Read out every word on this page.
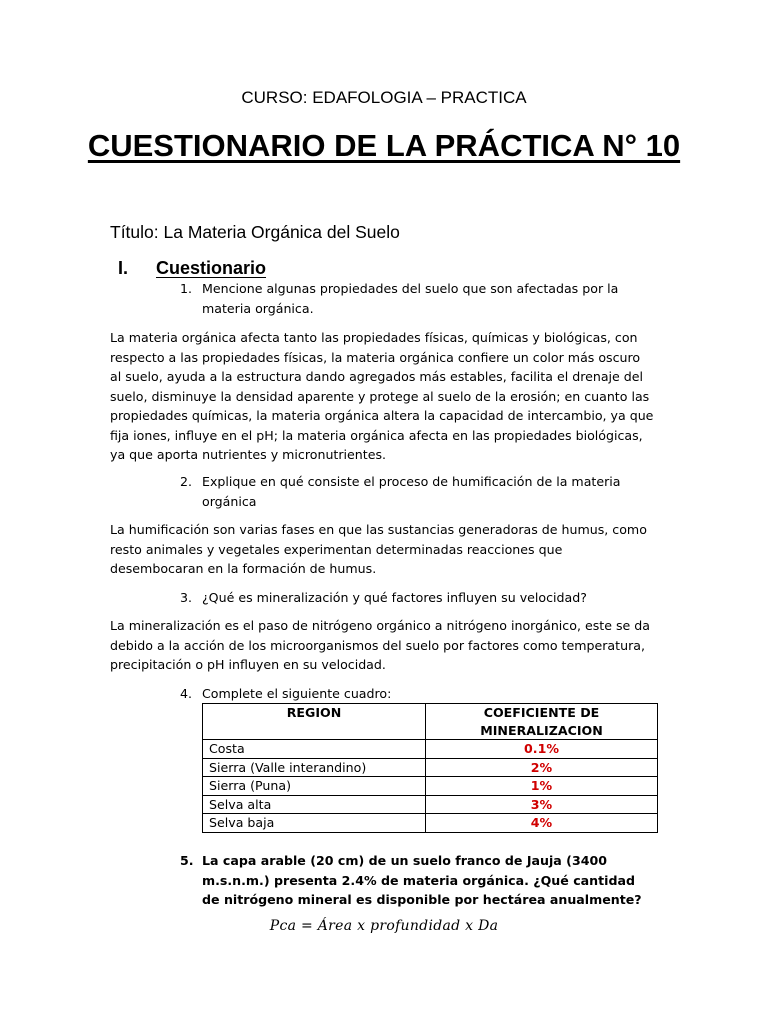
CURSO: EDAFOLOGIA – PRACTICA
CUESTIONARIO DE LA PRÁCTICA N° 10
Título: La Materia Orgánica del Suelo
I. Cuestionario
1. Mencione algunas propiedades del suelo que son afectadas por la materia orgánica.
La materia orgánica afecta tanto las propiedades físicas, químicas y biológicas, con respecto a las propiedades físicas, la materia orgánica confiere un color más oscuro al suelo, ayuda a la estructura dando agregados más estables, facilita el drenaje del suelo, disminuye la densidad aparente y protege al suelo de la erosión; en cuanto las propiedades químicas, la materia orgánica altera la capacidad de intercambio, ya que fija iones, influye en el pH; la materia orgánica afecta en las propiedades biológicas, ya que aporta nutrientes y micronutrientes.
2. Explique en qué consiste el proceso de humificación de la materia orgánica
La humificación son varias fases en que las sustancias generadoras de humus, como resto animales y vegetales experimentan determinadas reacciones que desembocaran en la formación de humus.
3. ¿Qué es mineralización y qué factores influyen su velocidad?
La mineralización es el paso de nitrógeno orgánico a nitrógeno inorgánico, este se da debido a la acción de los microorganismos del suelo por factores como temperatura, precipitación o pH influyen en su velocidad.
4. Complete el siguiente cuadro:
REGION	COEFICIENTE DE MINERALIZACION
Costa	0.1%
Sierra (Valle interandino)	2%
Sierra (Puna)	1%
Selva alta	3%
Selva baja	4%
5. La capa arable (20 cm) de un suelo franco de Jauja (3400 m.s.n.m.) presenta 2.4% de materia orgánica. ¿Qué cantidad de nitrógeno mineral es disponible por hectárea anualmente?
Pca = Área x profundidad x Da
